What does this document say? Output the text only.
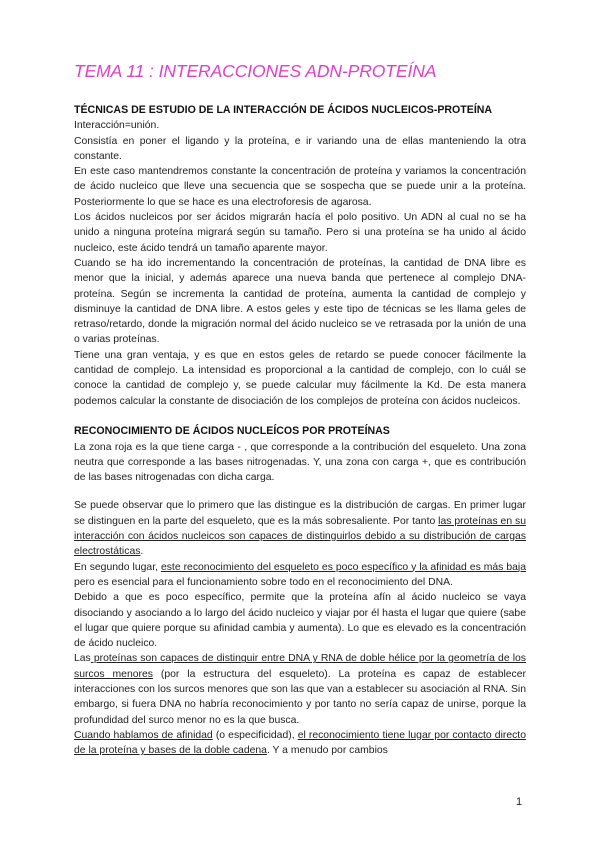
TEMA 11 : INTERACCIONES ADN-PROTEÍNA
TÉCNICAS DE ESTUDIO DE LA INTERACCIÓN DE ÁCIDOS NUCLEICOS-PROTEÍNA

Interacción=unión.

Consistía en poner el ligando y la proteína, e ir variando una de ellas manteniendo la otra constante.

En este caso mantendremos constante la concentración de proteína y variamos la concentración de ácido nucleico que lleve una secuencia que se sospecha que se puede unir a la proteína. Posteriormente lo que se hace es una electroforesis de agarosa.

Los ácidos nucleicos por ser ácidos migrarán hacía el polo positivo. Un ADN al cual no se ha unido a ninguna proteína migrará según su tamaño. Pero si una proteína se ha unido al ácido nucleico, este ácido tendrá un tamaño aparente mayor.

Cuando se ha ido incrementando la concentración de proteínas, la cantidad de DNA libre es menor que la inicial, y además aparece una nueva banda que pertenece al complejo DNA-proteína. Según se incrementa la cantidad de proteína, aumenta la cantidad de complejo y disminuye la cantidad de DNA libre. A estos geles y este tipo de técnicas se les llama geles de retraso/retardo, donde la migración normal del ácido nucleico se ve retrasada por la unión de una o varias proteínas.

Tiene una gran ventaja, y es que en estos geles de retardo se puede conocer fácilmente la cantidad de complejo. La intensidad es proporcional a la cantidad de complejo, con lo cuál se conoce la cantidad de complejo y, se puede calcular muy fácilmente la Kd. De esta manera podemos calcular la constante de disociación de los complejos de proteína con ácidos nucleicos.

RECONOCIMIENTO DE ÁCIDOS NUCLEÍCOS POR PROTEÍNAS

La zona roja es la que tiene carga - , que corresponde a la contribución del esqueleto. Una zona neutra que corresponde a las bases nitrogenadas. Y, una zona con carga +, que es contribución de las bases nitrogenadas con dicha carga.

Se puede observar que lo primero que las distingue es la distribución de cargas. En primer lugar se distinguen en la parte del esqueleto, que es la más sobresaliente. Por tanto las proteínas en su interacción con ácidos nucleicos son capaces de distinguirlos debido a su distribución de cargas electrostáticas.

En segundo lugar, este reconocimiento del esqueleto es poco específico y la afinidad es más baja pero es esencial para el funcionamiento sobre todo en el reconocimiento del DNA.

Debido a que es poco específico, permite que la proteína afín al ácido nucleico se vaya disociando y asociando a lo largo del ácido nucleico y viajar por él hasta el lugar que quiere (sabe el lugar que quiere porque su afinidad cambia y aumenta). Lo que es elevado es la concentración de ácido nucleico.

Las proteínas son capaces de distinguir entre DNA y RNA de doble hélice por la geometría de los surcos menores (por la estructura del esqueleto). La proteína es capaz de establecer interacciones con los surcos menores que son las que van a establecer su asociación al RNA. Sin embargo, si fuera DNA no habría reconocimiento y por tanto no sería capaz de unirse, porque la profundidad del surco menor no es la que busca.

Cuando hablamos de afinidad (o especificidad), el reconocimiento tiene lugar por contacto directo de la proteína y bases de la doble cadena. Y a menudo por cambios

1
